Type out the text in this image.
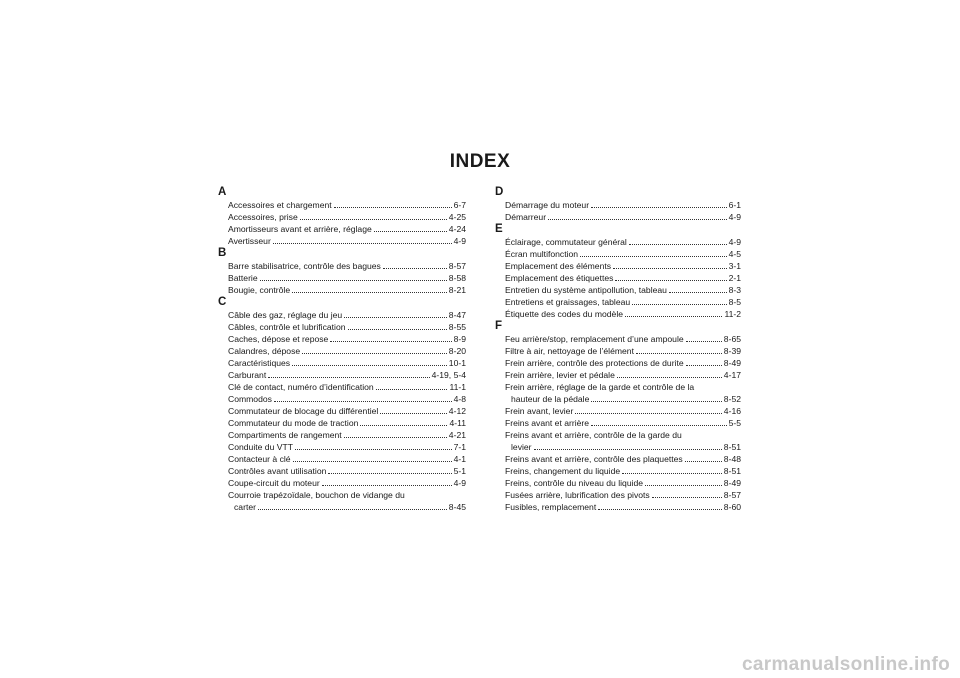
INDEX
A
Accessoires et chargement	6-7
Accessoires, prise	4-25
Amortisseurs avant et arrière, réglage	4-24
Avertisseur	4-9
B
Barre stabilisatrice, contrôle des bagues	8-57
Batterie	8-58
Bougie, contrôle	8-21
C
Câble des gaz, réglage du jeu	8-47
Câbles, contrôle et lubrification	8-55
Caches, dépose et repose	8-9
Calandres, dépose	8-20
Caractéristiques	10-1
Carburant	4-19, 5-4
Clé de contact, numéro d’identification	11-1
Commodos	4-8
Commutateur de blocage du différentiel	4-12
Commutateur du mode de traction	4-11
Compartiments de rangement	4-21
Conduite du VTT	7-1
Contacteur à clé	4-1
Contrôles avant utilisation	5-1
Coupe-circuit du moteur	4-9
Courroie trapézoïdale, bouchon de vidange du
carter	8-45
D
Démarrage du moteur	6-1
Démarreur	4-9
E
Éclairage, commutateur général	4-9
Écran multifonction	4-5
Emplacement des éléments	3-1
Emplacement des étiquettes	2-1
Entretien du système antipollution, tableau	8-3
Entretiens et graissages, tableau	8-5
Étiquette des codes du modèle	11-2
F
Feu arrière/stop, remplacement d’une ampoule	8-65
Filtre à air, nettoyage de l’élément	8-39
Frein arrière, contrôle des protections de durite	8-49
Frein arrière, levier et pédale	4-17
Frein arrière, réglage de la garde et contrôle de la
hauteur de la pédale	8-52
Frein avant, levier	4-16
Freins avant et arrière	5-5
Freins avant et arrière, contrôle de la garde du
levier	8-51
Freins avant et arrière, contrôle des plaquettes	8-48
Freins, changement du liquide	8-51
Freins, contrôle du niveau du liquide	8-49
Fusées arrière, lubrification des pivots	8-57
Fusibles, remplacement	8-60
carmanualsonline.info
